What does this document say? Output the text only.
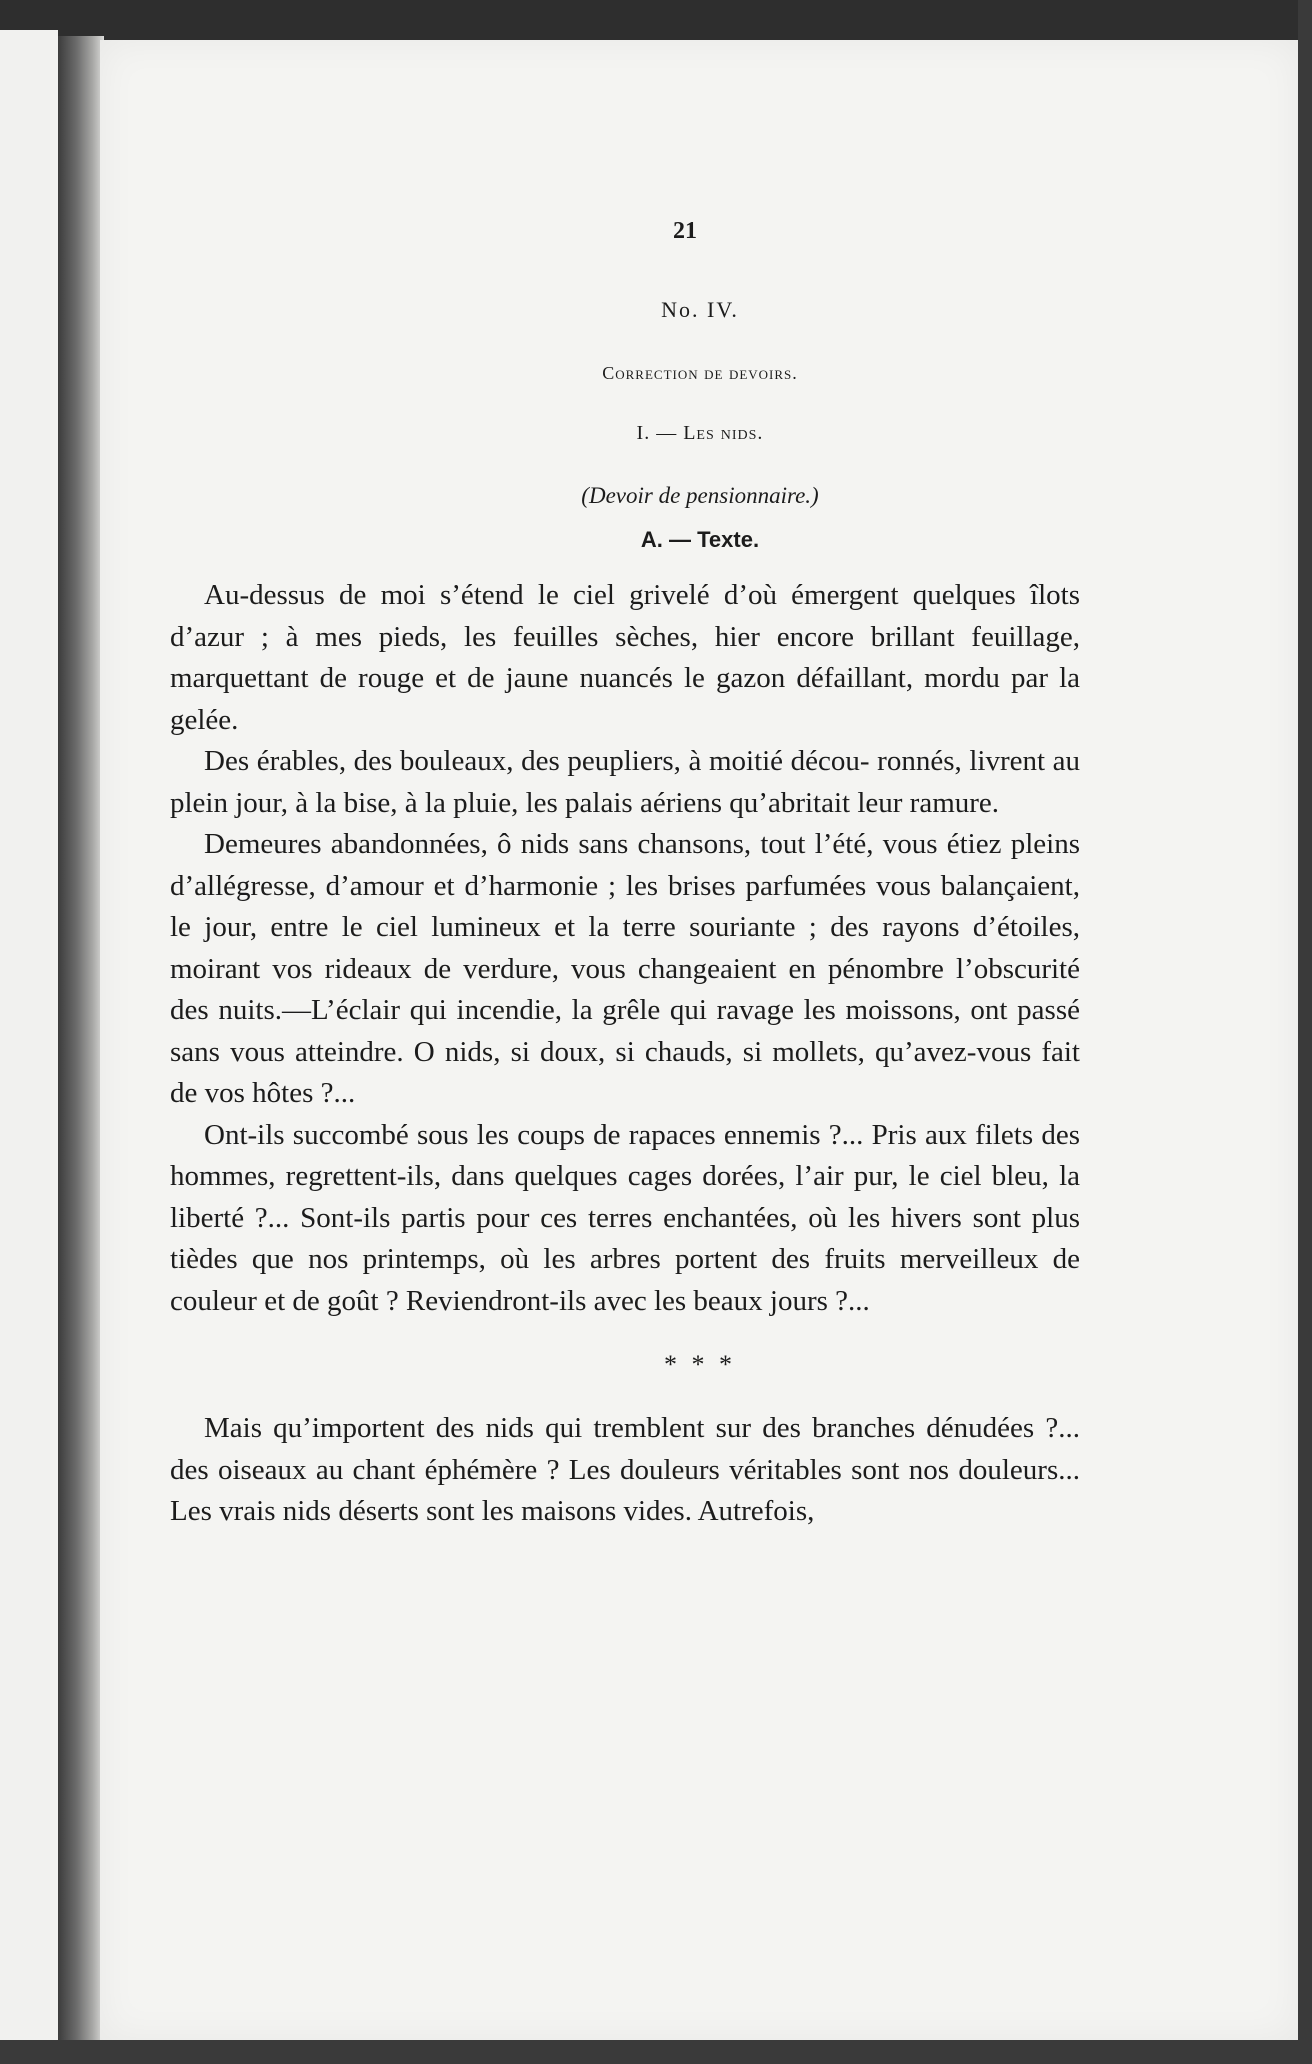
21
No. IV.
Correction de devoirs.
I. — Les nids.
(Devoir de pensionnaire.)
A. — Texte.

Au-dessus de moi s’étend le ciel grivelé d’où émergent quelques îlots d’azur ; à mes pieds, les feuilles sèches, hier encore brillant feuillage, marquettant de rouge et de jaune nuancés le gazon défaillant, mordu par la gelée.

Des érables, des bouleaux, des peupliers, à moitié décou- ronnés, livrent au plein jour, à la bise, à la pluie, les palais aériens qu’abritait leur ramure.

Demeures abandonnées, ô nids sans chansons, tout l’été, vous étiez pleins d’allégresse, d’amour et d’harmonie ; les brises parfumées vous balançaient, le jour, entre le ciel lumineux et la terre souriante ; des rayons d’étoiles, moirant vos rideaux de verdure, vous changeaient en pénombre l’obscurité des nuits.—L’éclair qui incendie, la grêle qui ravage les moissons, ont passé sans vous atteindre. O nids, si doux, si chauds, si mollets, qu’avez-vous fait de vos hôtes ?...

Ont-ils succombé sous les coups de rapaces ennemis ?... Pris aux filets des hommes, regrettent-ils, dans quelques cages dorées, l’air pur, le ciel bleu, la liberté ?... Sont-ils partis pour ces terres enchantées, où les hivers sont plus tièdes que nos printemps, où les arbres portent des fruits merveilleux de couleur et de goût ? Reviendront-ils avec les beaux jours ?...

* * *

Mais qu’importent des nids qui tremblent sur des branches dénudées ?... des oiseaux au chant éphémère ? Les douleurs véritables sont nos douleurs... Les vrais nids déserts sont les maisons vides. Autrefois,
